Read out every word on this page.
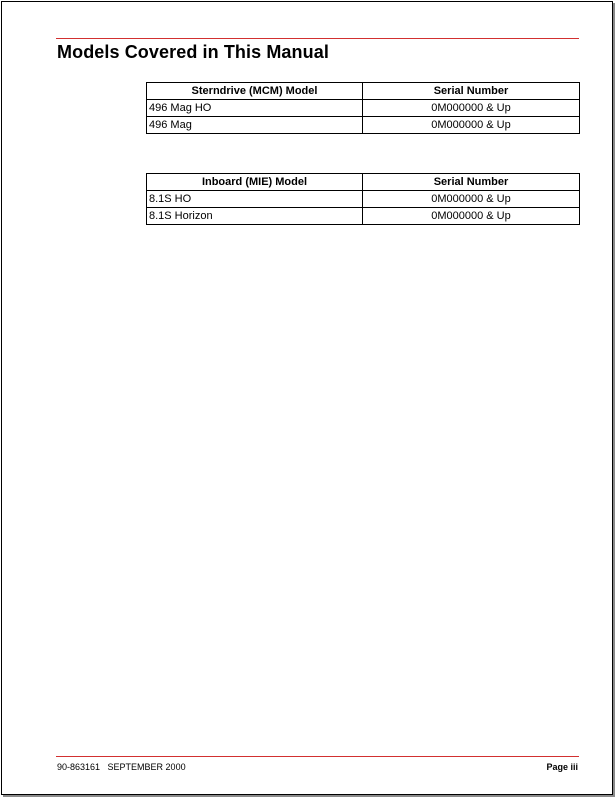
Models Covered in This Manual
Sterndrive (MCM) Model	Serial Number
496 Mag HO	0M000000 & Up
496 Mag	0M000000 & Up
Inboard (MIE) Model	Serial Number
8.1S HO	0M000000 & Up
8.1S Horizon	0M000000 & Up
90-863161   SEPTEMBER 2000	Page iii
